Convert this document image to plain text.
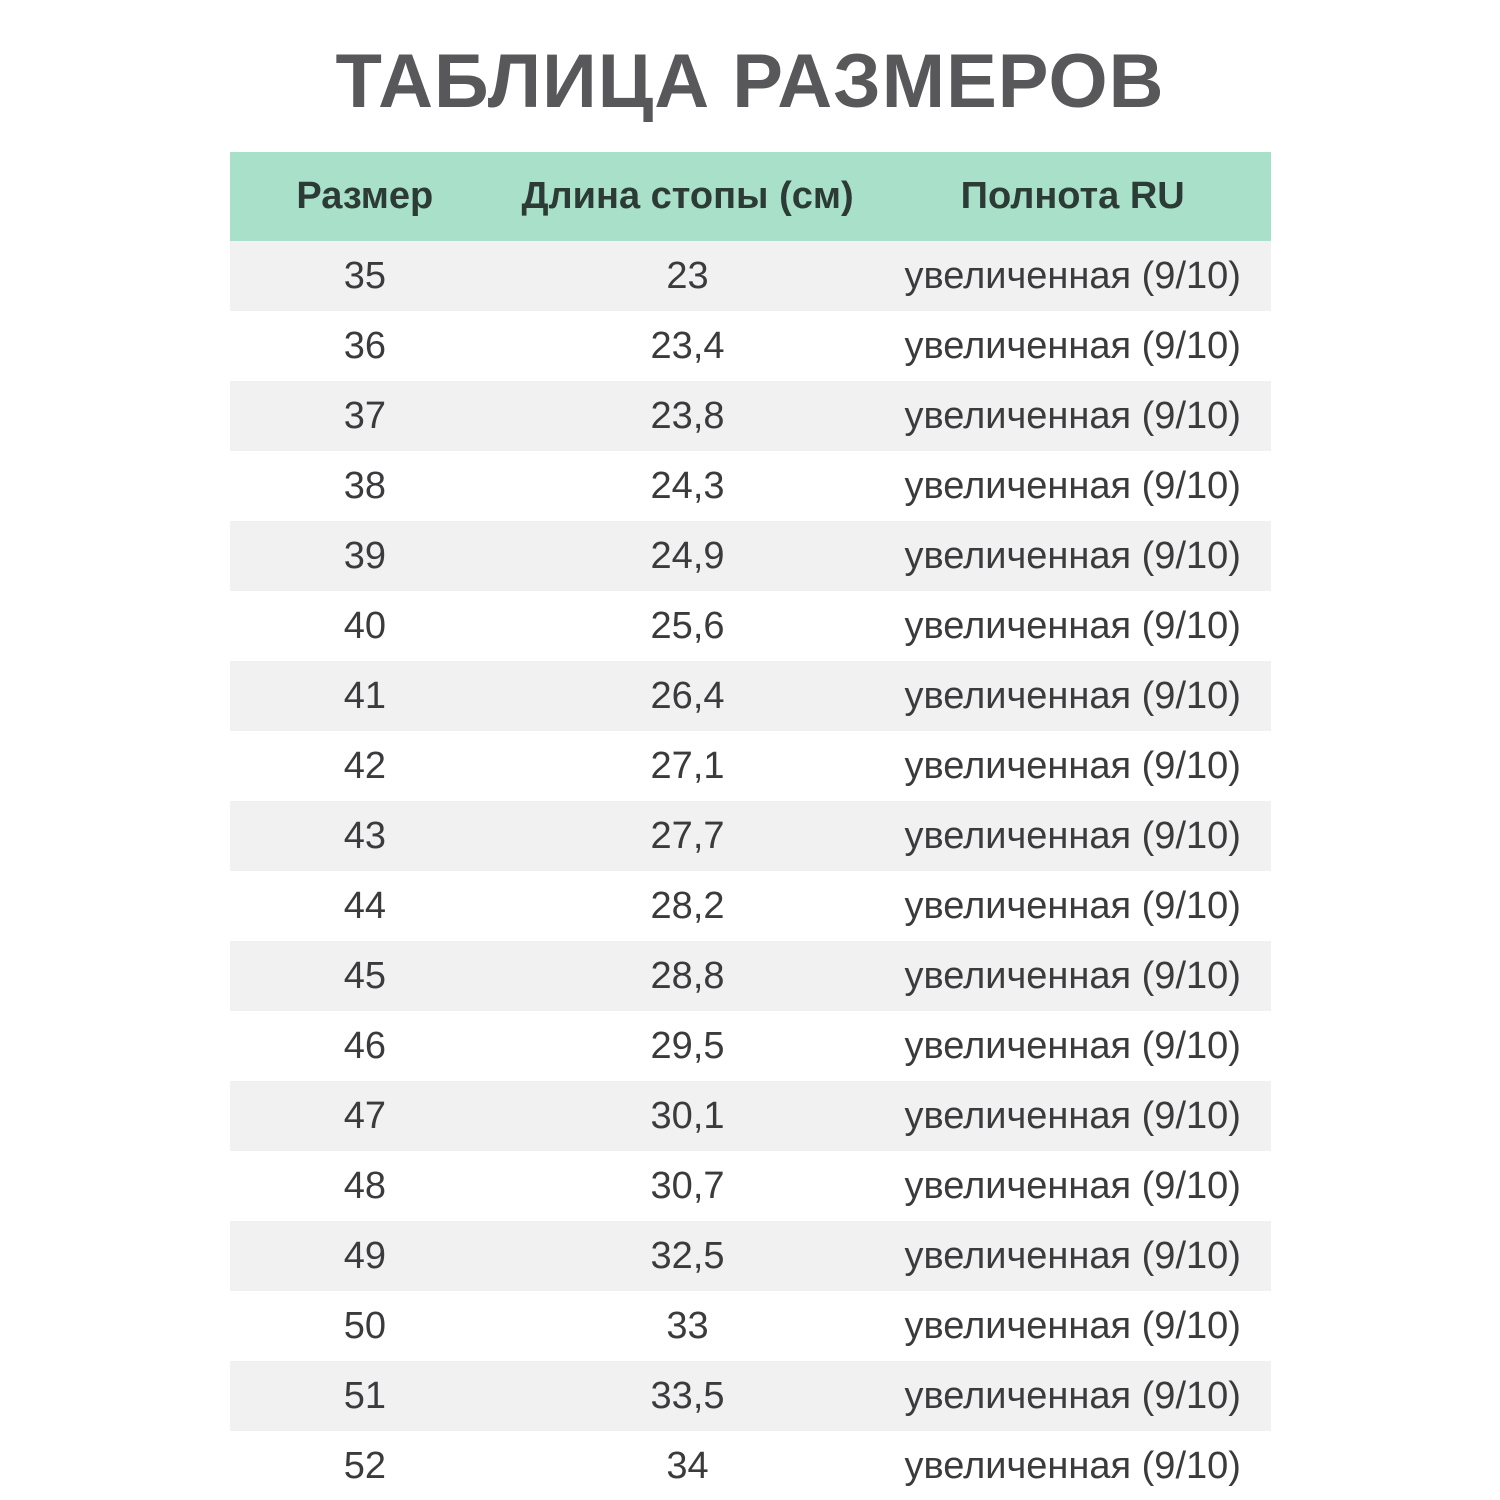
ТАБЛИЦА РАЗМЕРОВ
Размер	Длина стопы (см)	Полнота RU
35	23	увеличенная (9/10)
36	23,4	увеличенная (9/10)
37	23,8	увеличенная (9/10)
38	24,3	увеличенная (9/10)
39	24,9	увеличенная (9/10)
40	25,6	увеличенная (9/10)
41	26,4	увеличенная (9/10)
42	27,1	увеличенная (9/10)
43	27,7	увеличенная (9/10)
44	28,2	увеличенная (9/10)
45	28,8	увеличенная (9/10)
46	29,5	увеличенная (9/10)
47	30,1	увеличенная (9/10)
48	30,7	увеличенная (9/10)
49	32,5	увеличенная (9/10)
50	33	увеличенная (9/10)
51	33,5	увеличенная (9/10)
52	34	увеличенная (9/10)
